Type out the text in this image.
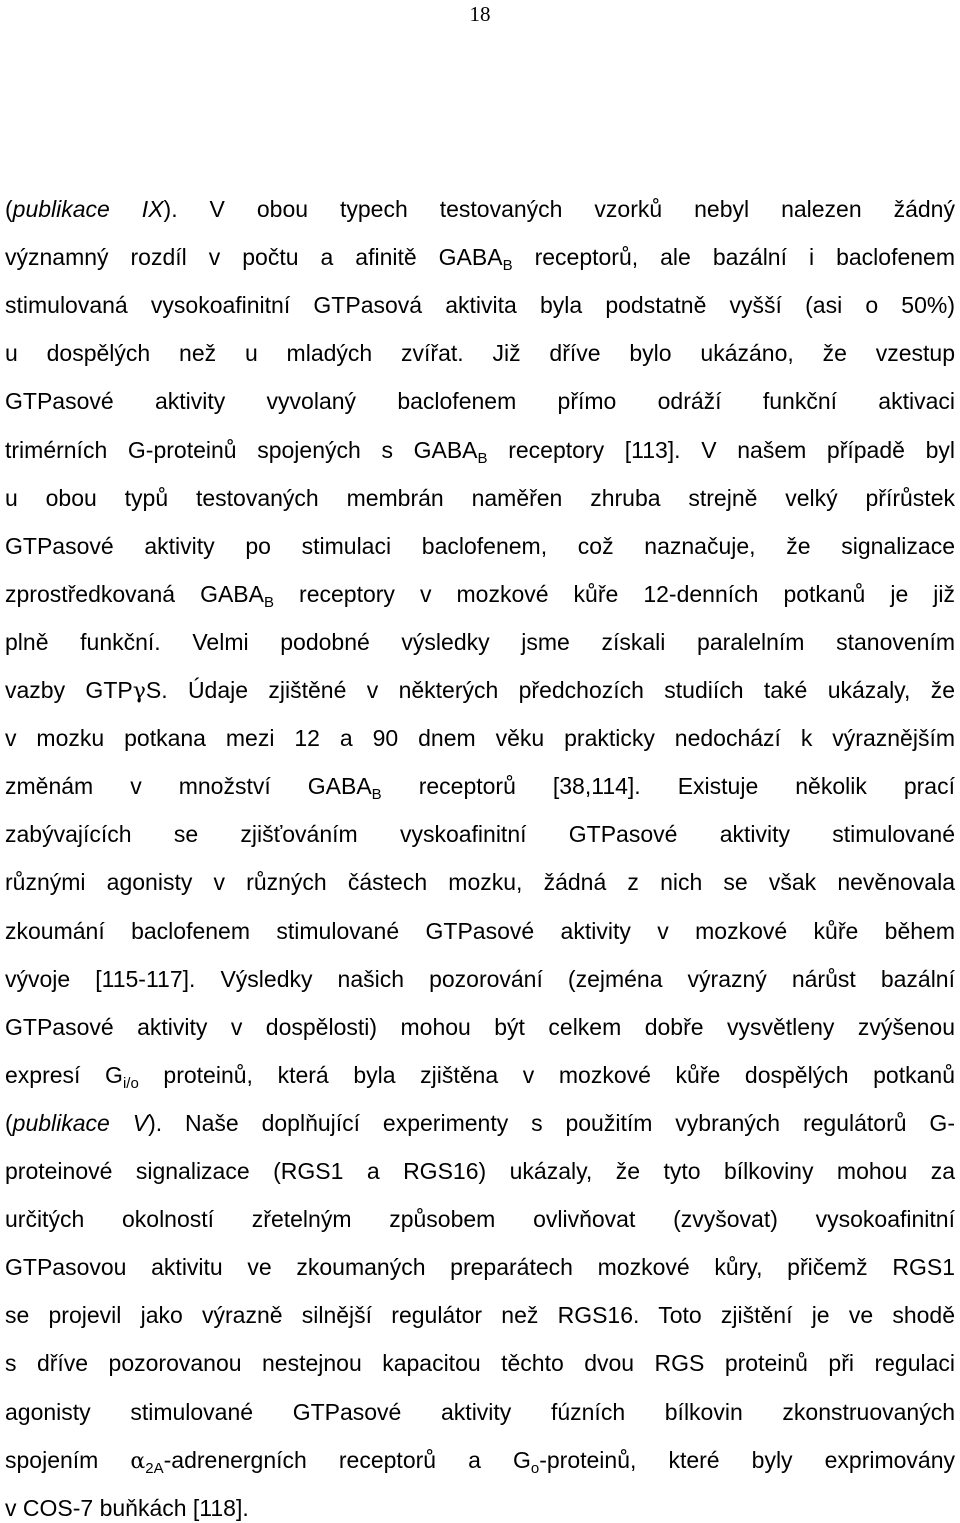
18
(publikace IX). V obou typech testovaných vzorků nebyl nalezen žádný
významný rozdíl v počtu a afinitě $GABA_B$ receptorů, ale bazální i baclofenem
stimulovaná vysokoafinitní GTPasová aktivita byla podstatně vyšší (asi o 50%)
u dospělých než u mladých zvířat. Již dříve bylo ukázáno, že vzestup
GTPasové aktivity vyvolaný baclofenem přímo odráží funkční aktivaci
trimérních G-proteinů spojených s $GABA_B$ receptory [113]. V našem případě byl
u obou typů testovaných membrán naměřen zhruba strejně velký přírůstek
GTPasové aktivity po stimulaci baclofenem, což naznačuje, že signalizace
zprostředkovaná $GABA_B$ receptory v mozkové kůře 12-denních potkanů je již
plně funkční. Velmi podobné výsledky jsme získali paralelním stanovením
vazby GTPγS. Údaje zjištěné v některých předchozích studiích také ukázaly, že
v mozku potkana mezi 12 a 90 dnem věku prakticky nedochází k výraznějším
změnám v množství $GABA_B$ receptorů [38,114]. Existuje několik prací
zabývajících se zjišťováním vyskoafinitní GTPasové aktivity stimulované
různými agonisty v různých částech mozku, žádná z nich se však nevěnovala
zkoumání baclofenem stimulované GTPasové aktivity v mozkové kůře během
vývoje [115-117]. Výsledky našich pozorování (zejména výrazný nárůst bazální
GTPasové aktivity v dospělosti) mohou být celkem dobře vysvětleny zvýšenou
expresí $G_{i/o}$ proteinů, která byla zjištěna v mozkové kůře dospělých potkanů
(publikace V). Naše doplňující experimenty s použitím vybraných regulátorů G-
proteinové signalizace (RGS1 a RGS16) ukázaly, že tyto bílkoviny mohou za
určitých okolností zřetelným způsobem ovlivňovat (zvyšovat) vysokoafinitní
GTPasovou aktivitu ve zkoumaných preparátech mozkové kůry, přičemž RGS1
se projevil jako výrazně silnější regulátor než RGS16. Toto zjištění je ve shodě
s dříve pozorovanou nestejnou kapacitou těchto dvou RGS proteinů při regulaci
agonisty stimulované GTPasové aktivity fúzních bílkovin zkonstruovaných
spojením $\alpha_{2A}$-adrenergních receptorů a $G_o$-proteinů, které byly exprimovány
v COS-7 buňkách [118].
